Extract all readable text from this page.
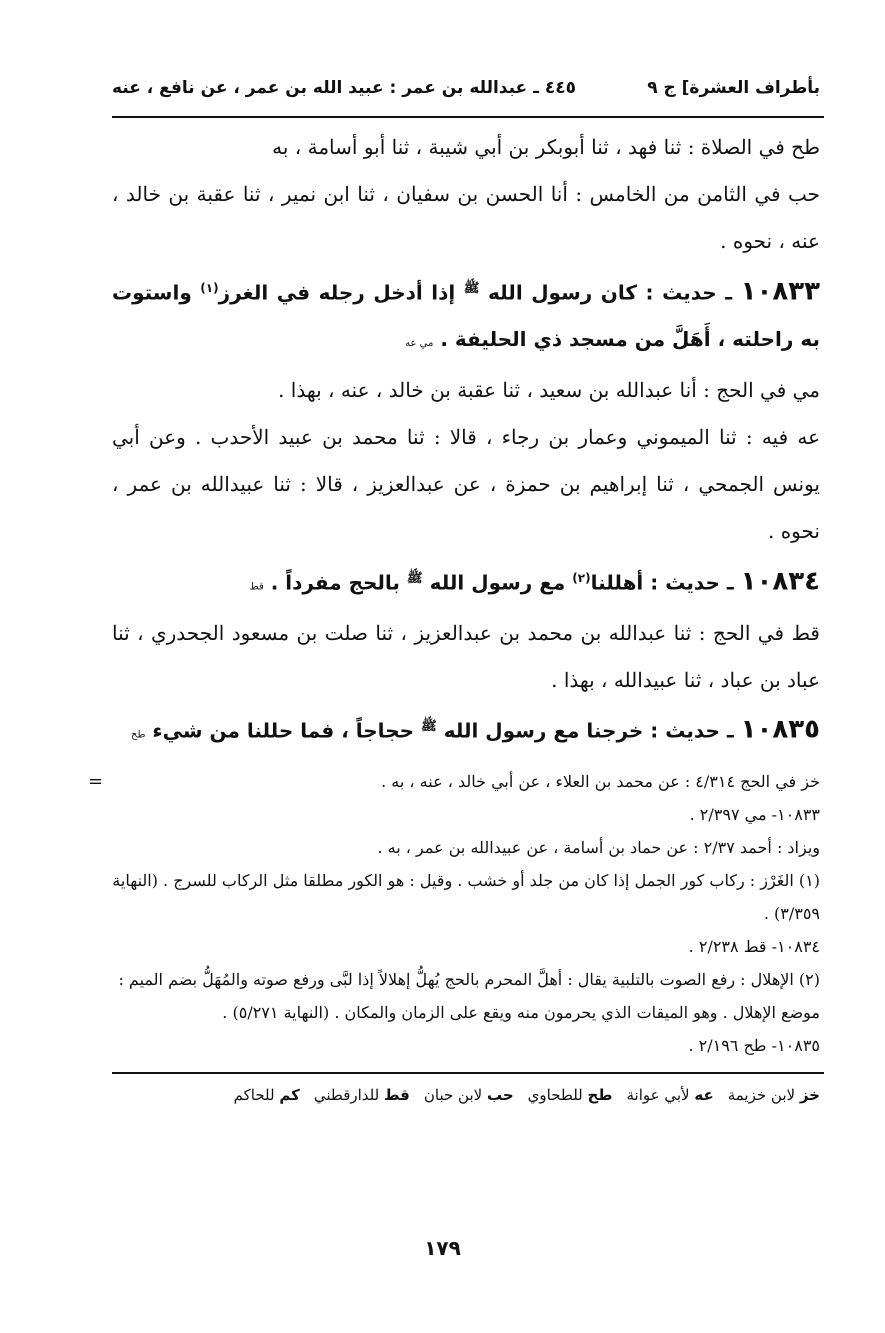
بأطراف العشرة] ج ٩
٤٤٥ ـ عبدالله بن عمر : عبيد الله بن عمر ، عن نافع ، عنه

طح في الصلاة : ثنا فهد ، ثنا أبوبكر بن أبي شيبة ، ثنا أبو أسامة ، به

حب في الثامن من الخامس : أنا الحسن بن سفيان ، ثنا ابن نمير ، ثنا عقبة بن خالد ، عنه ، نحوه .

١٠٨٣٣ ـ حديث : كان رسول الله $^ﷺ$ إذا أدخل رجله في الغرز$^{(١)}$ واستوت به راحلته ، أَهَلَّ من مسجد ذي الحليفة . مي عه

مي في الحج : أنا عبدالله بن سعيد ، ثنا عقبة بن خالد ، عنه ، بهذا .

عه فيه : ثنا الميموني وعمار بن رجاء ، قالا : ثنا محمد بن عبيد الأحدب . وعن أبي يونس الجمحي ، ثنا إبراهيم بن حمزة ، عن عبدالعزيز ، قالا : ثنا عبيدالله بن عمر ، نحوه .

١٠٨٣٤ ـ حديث : أهللنا$^{(٢)}$ مع رسول الله $^ﷺ$ بالحج مفرداً . قط

قط في الحج : ثنا عبدالله بن محمد بن عبدالعزيز ، ثنا صلت بن مسعود الجحدري ، ثنا عباد بن عباد ، ثنا عبيدالله ، بهذا .

١٠٨٣٥ ـ حديث : خرجنا مع رسول الله $^ﷺ$ حجاجاً ، فما حللنا من شيء طح

=	خز في الحج ٤/٣١٤ : عن محمد بن العلاء ، عن أبي خالد ، عنه ، به .

١٠٨٣٣- مي ٢/٣٩٧ .

ويزاد : أحمد ٢/٣٧ : عن حماد بن أسامة ، عن عبيدالله بن عمر ، به .

(١) الغَرْز : ركاب كور الجمل إذا كان من جلد أو خشب . وقيل : هو الكور مطلقا مثل الركاب للسرج . (النهاية ٣/٣٥٩) .

١٠٨٣٤- قط ٢/٢٣٨ .

(٢) الإهلال : رفع الصوت بالتلبية يقال : أهلَّ المحرم بالحج يُهلُّ إهلالاً إذا لبَّى ورفع صوته والمُهَلُّ بضم الميم : موضع الإهلال . وهو الميقات الذي يحرمون منه ويقع على الزمان والمكان . (النهاية ٥/٢٧١) .

١٠٨٣٥- طح ٢/١٩٦ .

خز لابن خزيمة
عه لأبي عوانة
طح للطحاوي
حب لابن حبان
قط للدارقطني
كم للحاكم
١٧٩
